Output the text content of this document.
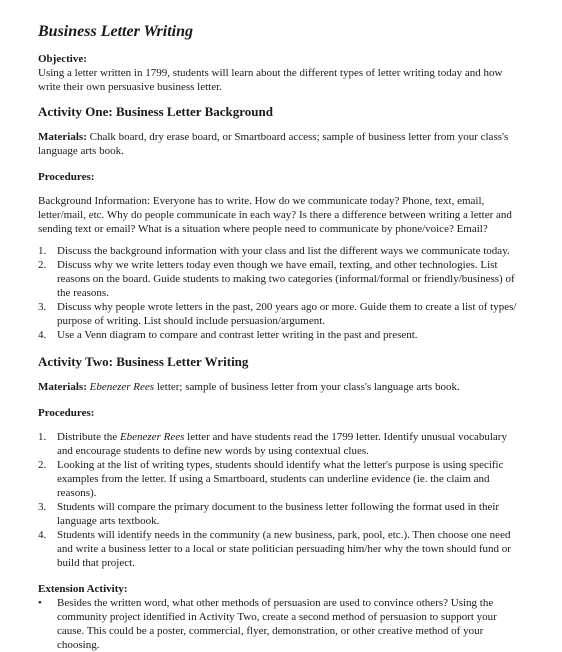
Business Letter Writing

Objective:

Using a letter written in 1799, students will learn about the different types of letter writing today and how write their own persuasive business letter.

Activity One: Business Letter Background

Materials: Chalk board, dry erase board, or Smartboard access; sample of business letter from your class's language arts book.

Procedures:

Background Information: Everyone has to write. How do we communicate today? Phone, text, email, letter/mail, etc. Why do people communicate in each way? Is there a difference between writing a letter and sending text or email? What is a situation where people need to communicate by phone/voice? Email?

1. Discuss the background information with your class and list the different ways we communicate today.
2. Discuss why we write letters today even though we have email, texting, and other technologies. List reasons on the board. Guide students to making two categories (informal/formal or friendly/business) of the reasons.
3. Discuss why people wrote letters in the past, 200 years ago or more. Guide them to create a list of types/ purpose of writing. List should include persuasion/argument.
4. Use a Venn diagram to compare and contrast letter writing in the past and present.
Activity Two: Business Letter Writing

Materials: Ebenezer Rees letter; sample of business letter from your class's language arts book.

Procedures:

1. Distribute the Ebenezer Rees letter and have students read the 1799 letter. Identify unusual vocabulary and encourage students to define new words by using contextual clues.
2. Looking at the list of writing types, students should identify what the letter's purpose is using specific examples from the letter. If using a Smartboard, students can underline evidence (ie. the claim and reasons).
3. Students will compare the primary document to the business letter following the format used in their language arts textbook.
4. Students will identify needs in the community (a new business, park, pool, etc.). Then choose one need and write a business letter to a local or state politician persuading him/her why the town should fund or build that project.

Extension Activity:

• Besides the written word, what other methods of persuasion are used to convince others? Using the community project identified in Activity Two, create a second method of persuasion to support your cause. This could be a poster, commercial, flyer, demonstration, or other creative method of your choosing.
